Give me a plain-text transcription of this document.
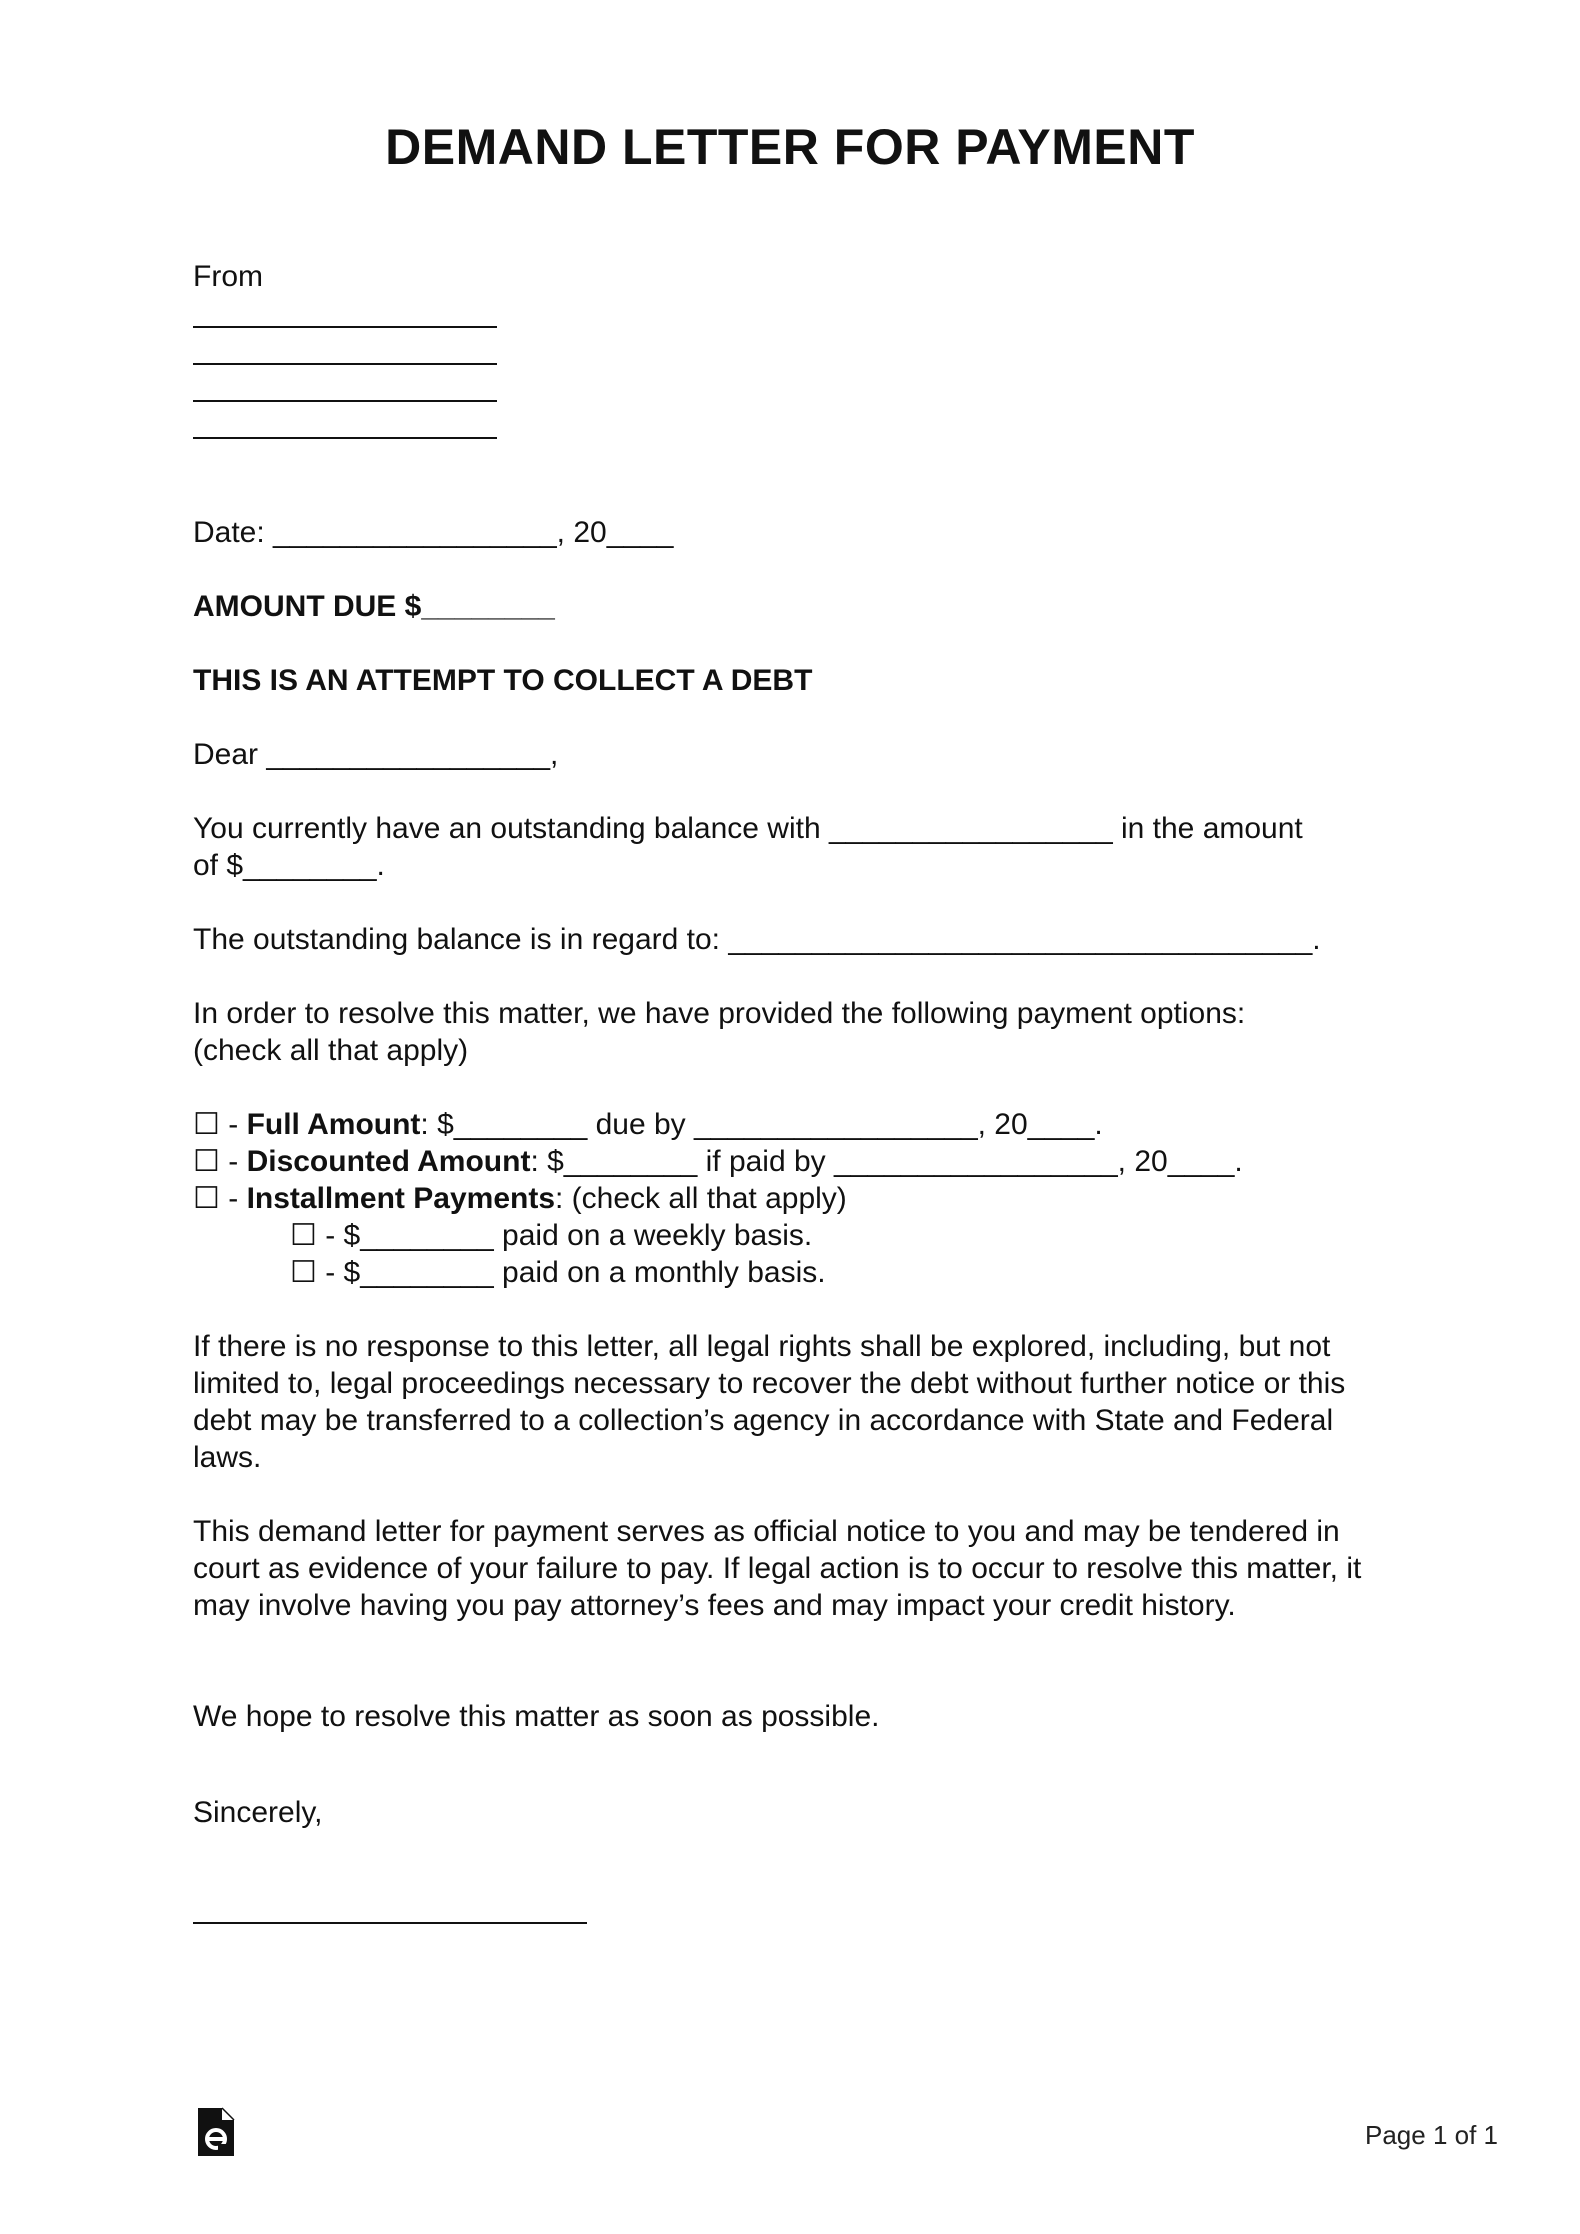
DEMAND LETTER FOR PAYMENT

From

Date: _________________, 20____

AMOUNT DUE $________

THIS IS AN ATTEMPT TO COLLECT A DEBT

Dear _________________,

You currently have an outstanding balance with _________________ in the amount

of $________.

The outstanding balance is in regard to: ___________________________________.

In order to resolve this matter, we have provided the following payment options:

(check all that apply)

☐ - Full Amount: $________ due by _________________, 20____.

☐ - Discounted Amount: $________ if paid by _________________, 20____.

☐ - Installment Payments: (check all that apply)

☐ - $________ paid on a weekly basis.

☐ - $________ paid on a monthly basis.

If there is no response to this letter, all legal rights shall be explored, including, but not limited to, legal proceedings necessary to recover the debt without further notice or this debt may be transferred to a collection’s agency in accordance with State and Federal laws.

This demand letter for payment serves as official notice to you and may be tendered in court as evidence of your failure to pay. If legal action is to occur to resolve this matter, it may involve having you pay attorney’s fees and may impact your credit history.

We hope to resolve this matter as soon as possible.

Sincerely,

Page 1 of 1
